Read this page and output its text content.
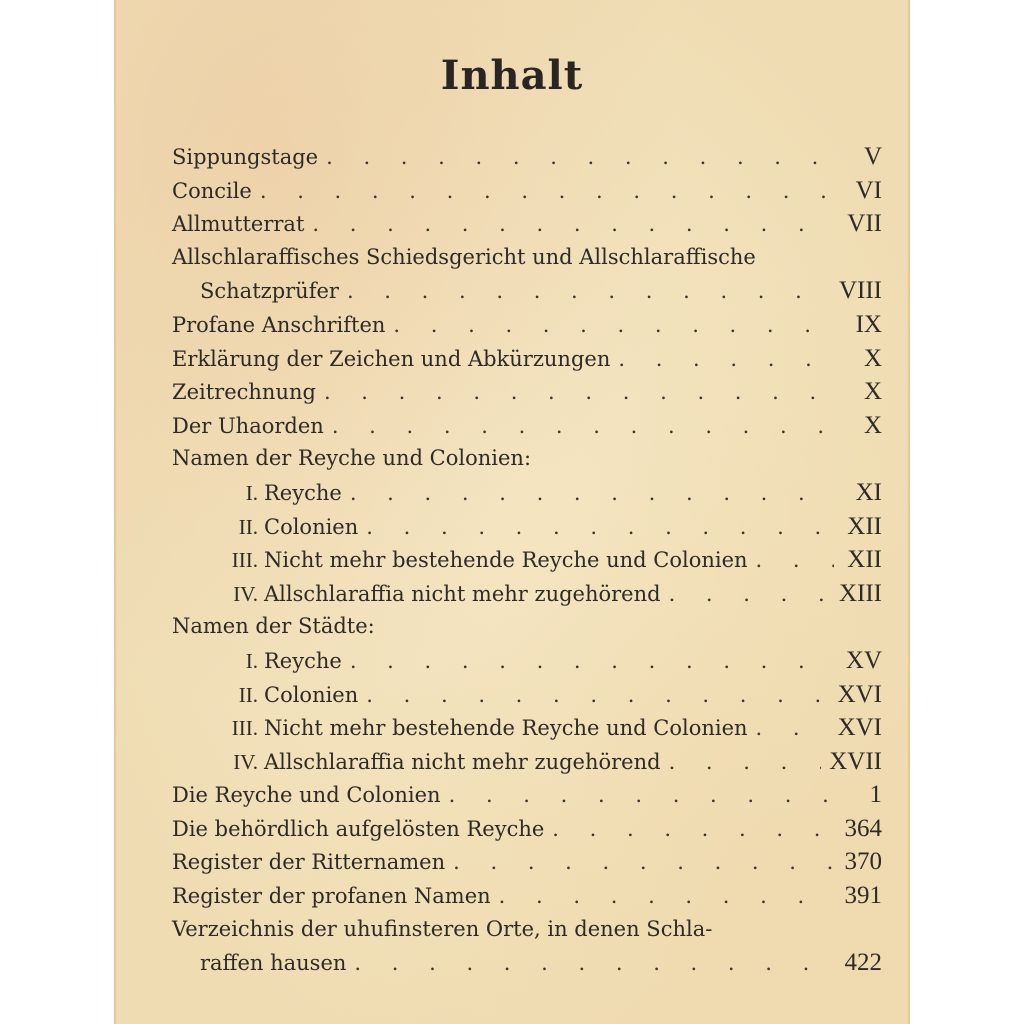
Inhalt
Sippungstage . . .	V
Concile . . .	VI
Allmutterrat . . .	VII
Allschlaraffisches Schiedsgericht und Allschlaraffische
Schatzprüfer . . .	VIII
Profane Anschriften . . .	IX
Erklärung der Zeichen und Abkürzungen . . .	X
Zeitrechnung . . .	X
Der Uhaorden . . .	X
Namen der Reyche und Colonien:
I. Reyche . . .	XI
II. Colonien . . .	XII
III. Nicht mehr bestehende Reyche und Colonien . . .	XII
IV. Allschlaraffia nicht mehr zugehörend . . .	XIII
Namen der Städte:
I. Reyche . . .	XV
II. Colonien . . .	XVI
III. Nicht mehr bestehende Reyche und Colonien . . .	XVI
IV. Allschlaraffia nicht mehr zugehörend . . .	XVII
Die Reyche und Colonien . . .	1
Die behördlich aufgelösten Reyche . . .	364
Register der Ritternamen . . .	370
Register der profanen Namen . . .	391
Verzeichnis der uhufinsteren Orte, in denen Schla-
raffen hausen . . .	422
